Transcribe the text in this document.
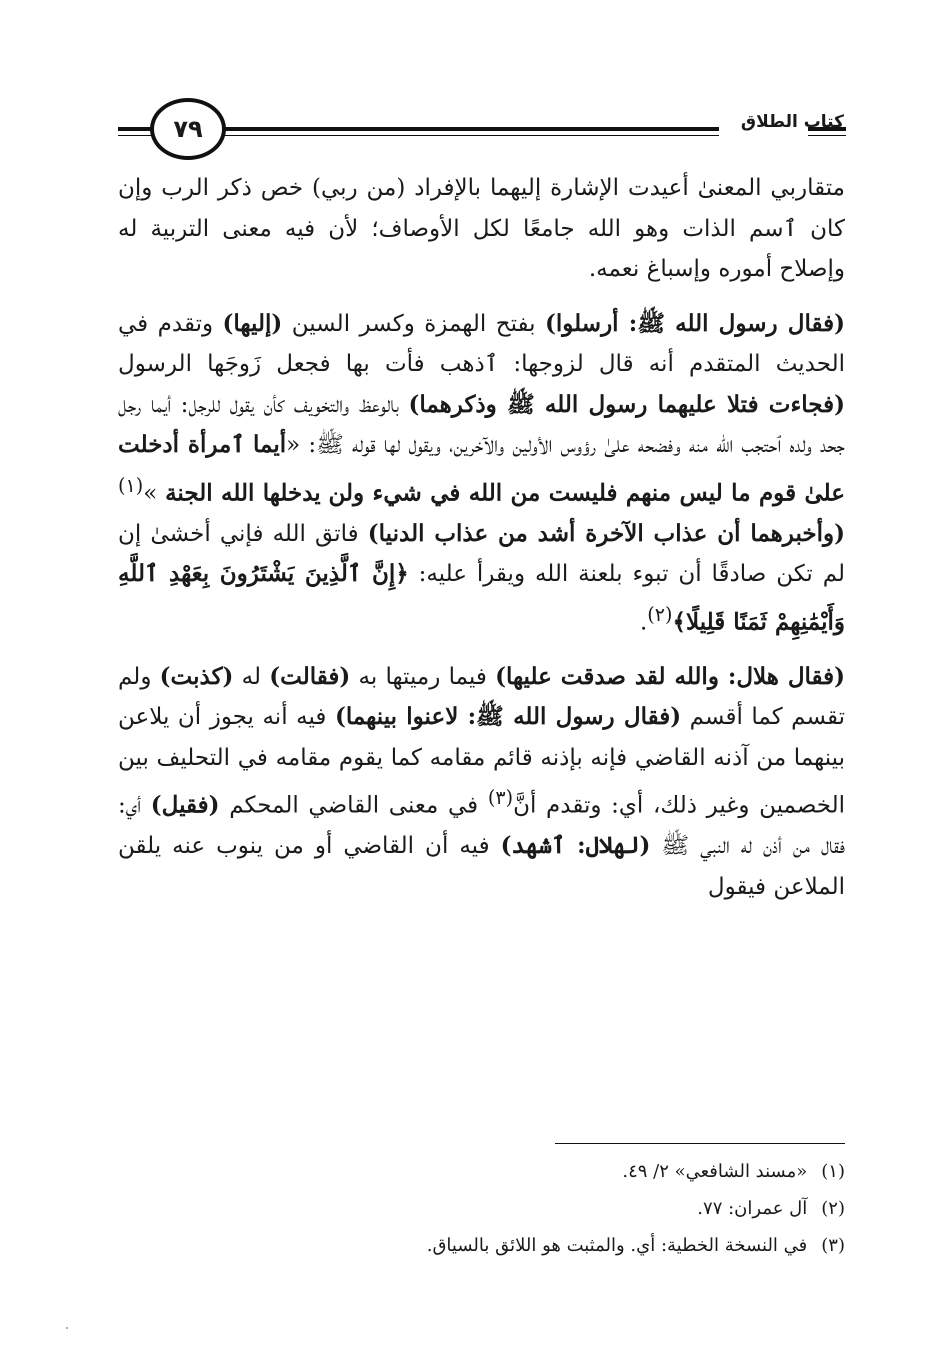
٧٩	كتاب الطلاق

متقاربي المعنىٰ أعيدت الإشارة إليهما بالإفراد (من ربي) خص ذكر الرب وإن كان ٱسم الذات وهو الله جامعًا لكل الأوصاف؛ لأن فيه معنى التربية له وإصلاح أموره وإسباغ نعمه.

(فقال رسول الله ﷺ: أرسلوا) بفتح الهمزة وكسر السين (إليها) وتقدم في الحديث المتقدم أنه قال لزوجها: ٱذهب فأت بها فجعل زَوجَها الرسول (فجاءت فتلا عليهما رسول الله ﷺ وذكرهما) بالوعظ والتخويف كأن يقول للرجل: أيما رجل جحد ولده ٱحتجب الله منه وفضحه علىٰ رؤوس الأولين والآخرين، ويقول لها قوله ﷺ: «أيما ٱمرأة أدخلت علىٰ قوم ما ليس منهم فليست من الله في شيء ولن يدخلها الله الجنة »$^{(١)}$ (وأخبرهما أن عذاب الآخرة أشد من عذاب الدنيا) فاتق الله فإني أخشىٰ إن لم تكن صادقًا أن تبوء بلعنة الله ويقرأ عليه: ﴿إِنَّ ٱلَّذِينَ يَشْتَرُونَ بِعَهْدِ ٱللَّهِ وَأَيْمَٰنِهِمْ ثَمَنًا قَلِيلًا﴾$^{(٢)}$.

(فقال هلال: والله لقد صدقت عليها) فيما رميتها به (فقالت) له (كذبت) ولم تقسم كما أقسم (فقال رسول الله ﷺ: لاعنوا بينهما) فيه أنه يجوز أن يلاعن بينهما من آذنه القاضي فإنه بإذنه قائم مقامه كما يقوم مقامه في التحليف بين الخصمين وغير ذلك، أي: وتقدم أنَّ$^{(٣)}$ في معنى القاضي المحكم (فقيل) أي: فقال من أذن له النبي ﷺ (لهلال: ٱشهد) فيه أن القاضي أو من ينوب عنه يلقن الملاعن فيقول

(١)
«مسند الشافعي» ٢/ ٤٩.
(٢)
آل عمران: ٧٧.
(٣)
في النسخة الخطية: أي. والمثبت هو اللائق بالسياق.
